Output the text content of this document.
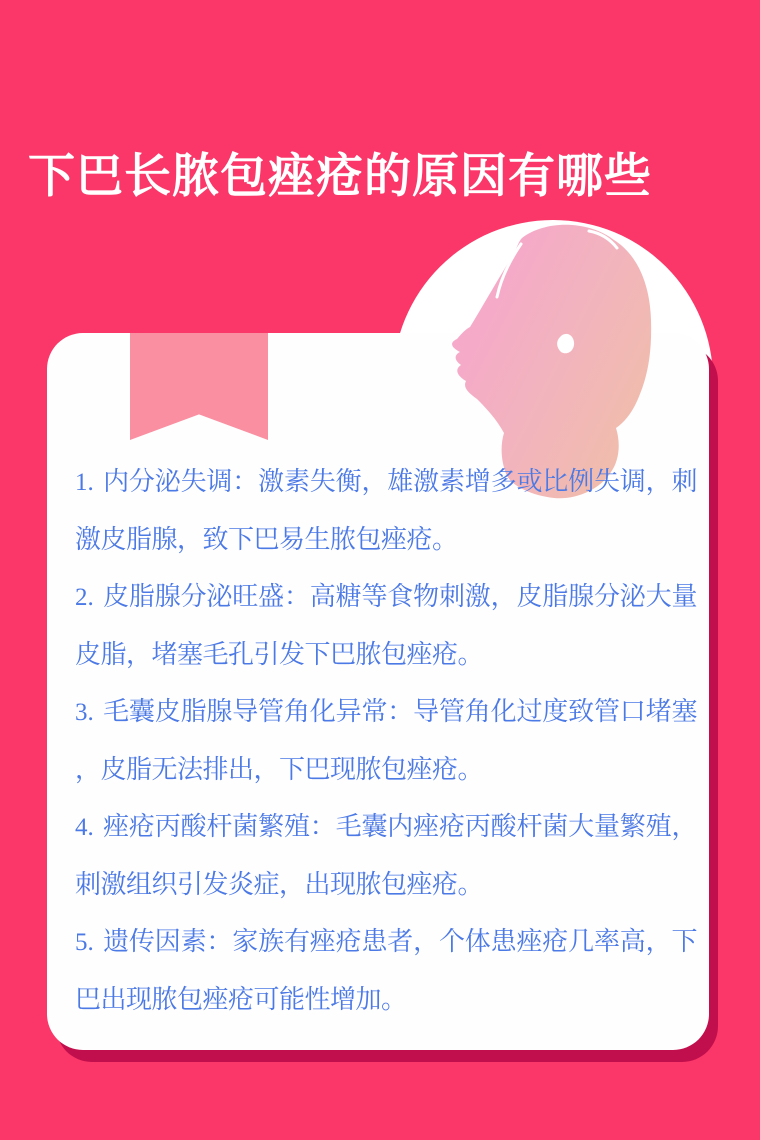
下巴长脓包痤疮的原因有哪些

1. 内分泌失调：激素失衡，雄激素增多或比例失调，刺激皮脂腺，致下巴易生脓包痤疮。

2. 皮脂腺分泌旺盛：高糖等食物刺激，皮脂腺分泌大量皮脂，堵塞毛孔引发下巴脓包痤疮。

3. 毛囊皮脂腺导管角化异常：导管角化过度致管口堵塞，皮脂无法排出，下巴现脓包痤疮。

4. 痤疮丙酸杆菌繁殖：毛囊内痤疮丙酸杆菌大量繁殖，刺激组织引发炎症，出现脓包痤疮。

5. 遗传因素：家族有痤疮患者，个体患痤疮几率高，下巴出现脓包痤疮可能性增加。
